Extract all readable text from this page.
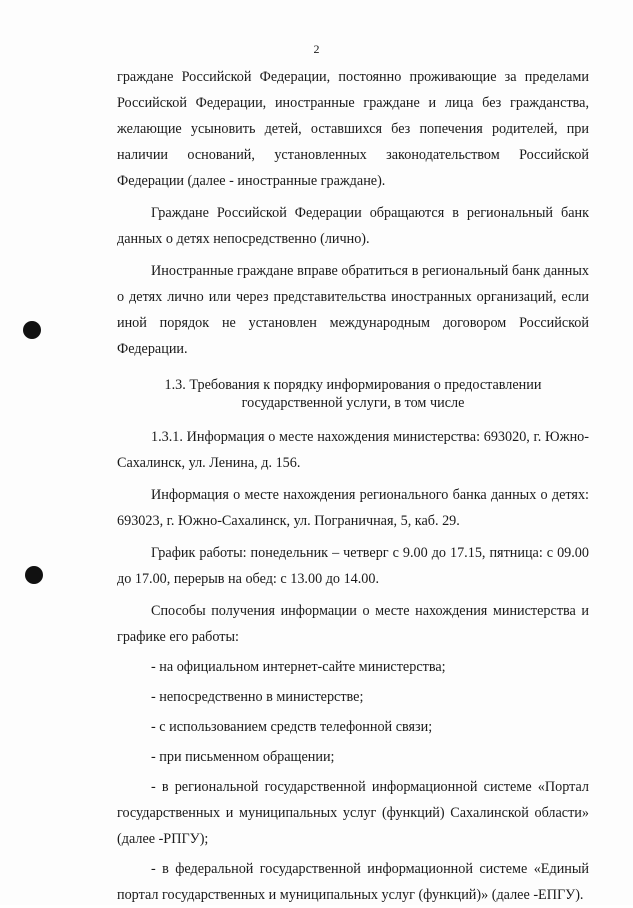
2

граждане Российской Федерации, постоянно проживающие за пределами Российской Федерации, иностранные граждане и лица без гражданства, желающие усыновить детей, оставшихся без попечения родителей, при наличии оснований, установленных законодательством Российской Федерации (далее - иностранные граждане).

Граждане Российской Федерации обращаются в региональный банк данных о детях непосредственно (лично).

Иностранные граждане вправе обратиться в региональный банк данных о детях лично или через представительства иностранных организаций, если иной порядок не установлен международным договором Российской Федерации.

1.3. Требования к порядку информирования о предоставлении государственной услуги, в том числе

1.3.1. Информация о месте нахождения министерства: 693020, г. Южно-Сахалинск, ул. Ленина, д. 156.

Информация о месте нахождения регионального банка данных о детях: 693023, г. Южно-Сахалинск, ул. Пограничная, 5, каб. 29.

График работы: понедельник – четверг с 9.00 до 17.15, пятница: с 09.00 до 17.00, перерыв на обед: с 13.00 до 14.00.

Способы получения информации о месте нахождения министерства и графике его работы:

- на официальном интернет-сайте министерства;

- непосредственно в министерстве;

- с использованием средств телефонной связи;

- при письменном обращении;

- в региональной государственной информационной системе «Портал государственных и муниципальных услуг (функций) Сахалинской области» (далее -РПГУ);

- в федеральной государственной информационной системе «Единый портал государственных и муниципальных услуг (функций)» (далее -ЕПГУ).
